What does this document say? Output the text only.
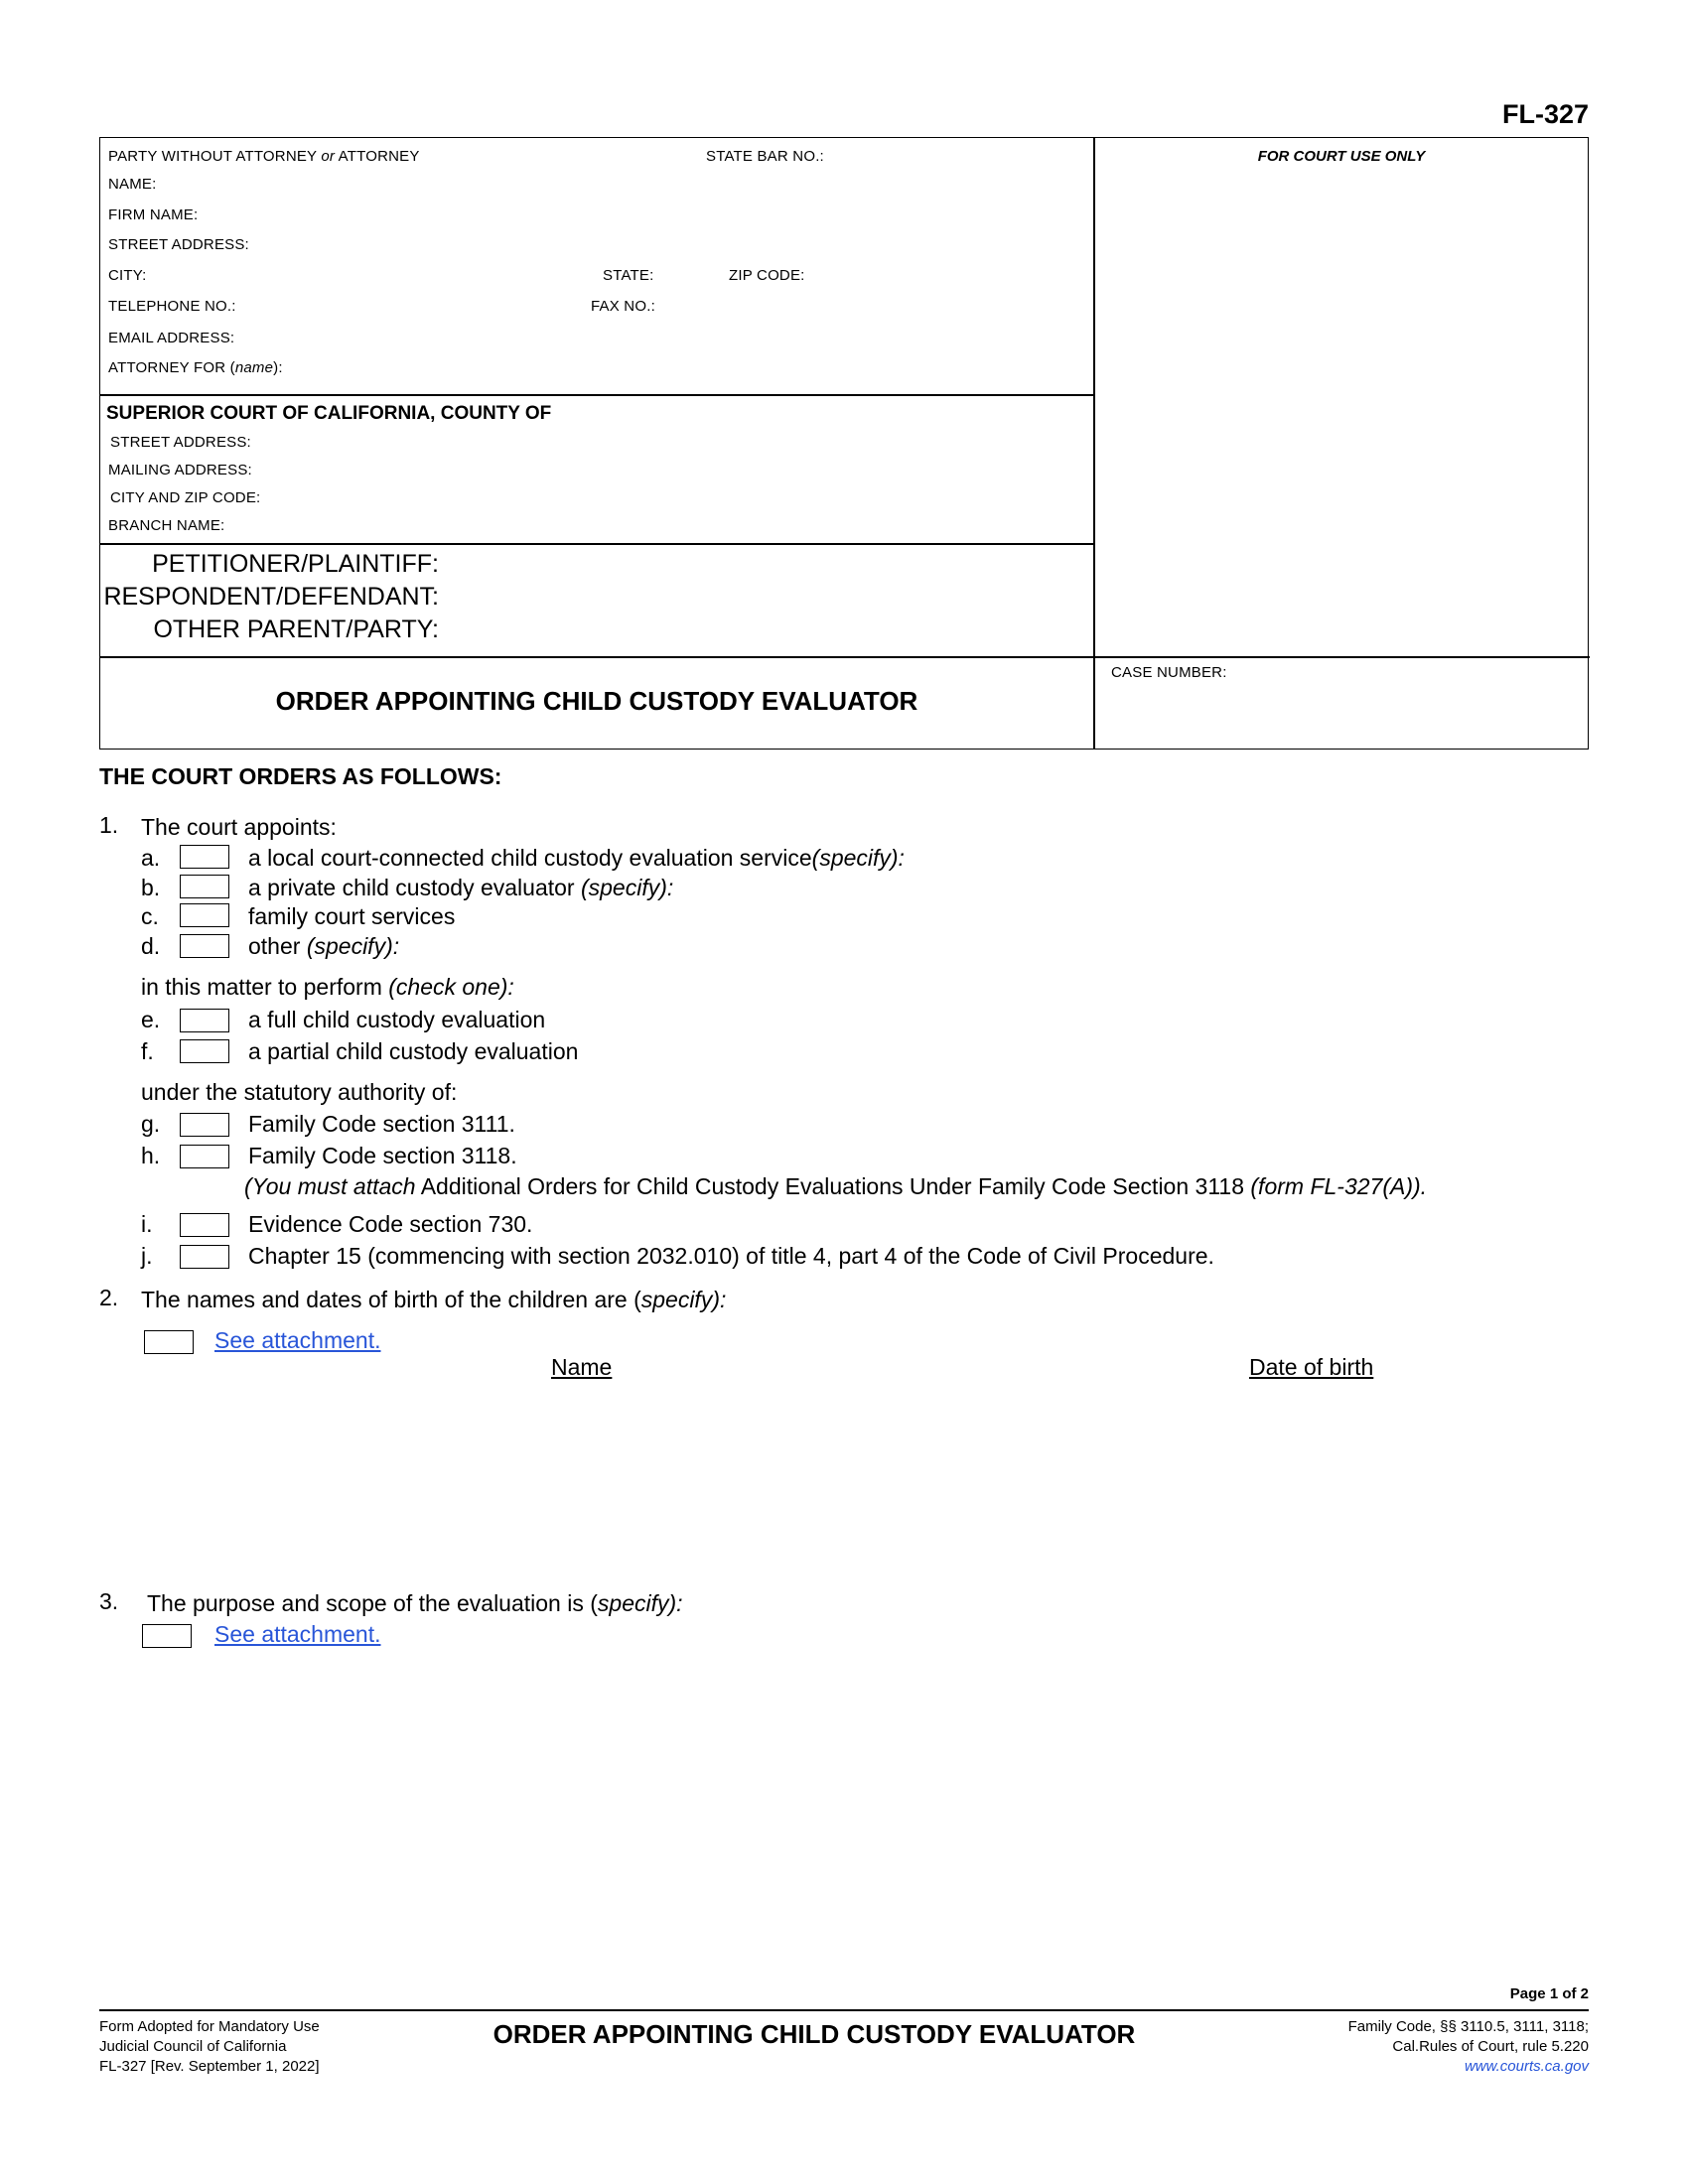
FL-327
PARTY WITHOUT ATTORNEY or ATTORNEY	STATE BAR NO.:
NAME:
FIRM NAME:
STREET ADDRESS:
CITY:	STATE:	ZIP CODE:
TELEPHONE NO.:	FAX NO.:
EMAIL ADDRESS:
ATTORNEY FOR (name):
FOR COURT USE ONLY
SUPERIOR COURT OF CALIFORNIA, COUNTY OF
STREET ADDRESS:
MAILING ADDRESS:
CITY AND ZIP CODE:
BRANCH NAME:
PETITIONER/PLAINTIFF:
RESPONDENT/DEFENDANT:
OTHER PARENT/PARTY:
CASE NUMBER:
ORDER APPOINTING CHILD CUSTODY EVALUATOR
THE COURT ORDERS AS FOLLOWS:
1. The court appoints:
a.	a local court-connected child custody evaluation service(specify):
b.	a private child custody evaluator (specify):
c.	family court services
d.	other (specify):
in this matter to perform (check one):
e.	a full child custody evaluation
f.	a partial child custody evaluation
under the statutory authority of:
g.	Family Code section 3111.
h.	Family Code section 3118.
(You must attach Additional Orders for Child Custody Evaluations Under Family Code Section 3118 (form FL-327(A)).
i.	Evidence Code section 730.
j.	Chapter 15 (commencing with section 2032.010) of title 4, part 4 of the Code of Civil Procedure.
2. The names and dates of birth of the children are (specify):
See attachment.
Name	Date of birth
3. The purpose and scope of the evaluation is (specify):
See attachment.
Page 1 of 2
Form Adopted for Mandatory Use
Judicial Council of California
FL-327 [Rev. September 1, 2022]
ORDER APPOINTING CHILD CUSTODY EVALUATOR	Family Code, §§ 3110.5, 3111, 3118;
Cal.Rules of Court, rule 5.220
www.courts.ca.gov
